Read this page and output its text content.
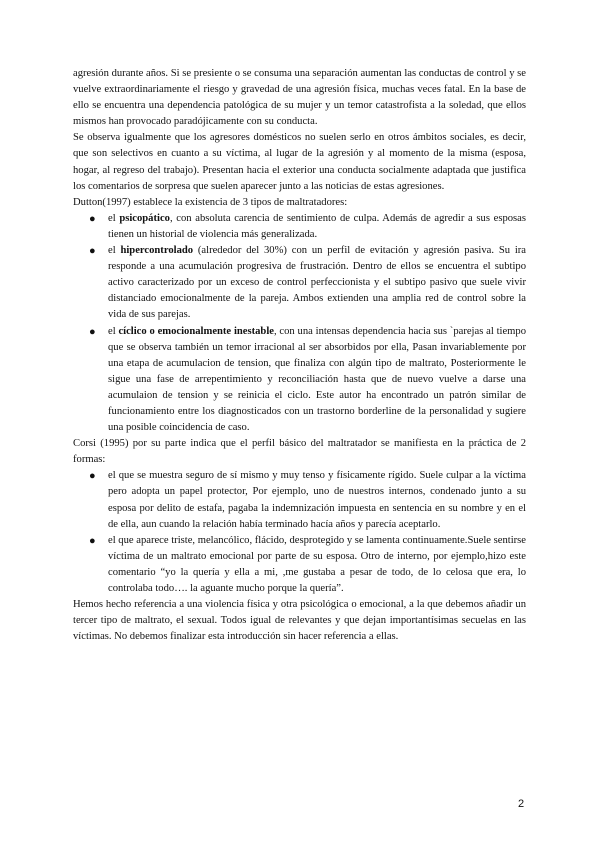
agresión durante años. Si se presiente o se consuma una separación aumentan las conductas de control y se vuelve extraordinariamente el riesgo y gravedad de una agresión física, muchas veces fatal. En la base de ello se encuentra una dependencia patológica de su mujer y un temor catastrofista a la soledad, que ellos mismos han provocado paradójicamente con su conducta.

Se observa igualmente que los agresores domésticos no suelen serlo en otros ámbitos sociales, es decir, que son selectivos en cuanto a su víctima, al lugar de la agresión y al momento de la misma (esposa, hogar, al regreso del trabajo). Presentan hacia el exterior una conducta socialmente adaptada que justifica los comentarios de sorpresa que suelen aparecer junto a las noticias de estas agresiones.

Dutton(1997) establece la existencia de 3 tipos de maltratadores:

● el psicopático, con absoluta carencia de sentimiento de culpa. Además de agredir a sus esposas tienen un historial de violencia más generalizada.
● el hipercontrolado (alrededor del 30%) con un perfil de evitación y agresión pasiva. Su ira responde a una acumulación progresiva de frustración. Dentro de ellos se encuentra el subtipo activo caracterizado por un exceso de control perfeccionista y el subtipo pasivo que suele vivir distanciado emocionalmente de la pareja. Ambos extienden una amplia red de control sobre la vida de sus parejas.
● el cíclico o emocionalmente inestable, con una intensas dependencia hacia sus `parejas al tiempo que se observa también un temor irracional al ser absorbidos por ella, Pasan invariablemente por una etapa de acumulacion de tension, que finaliza con algún tipo de maltrato, Posteriormente le sigue una fase de arrepentimiento y reconciliación hasta que de nuevo vuelve a darse una acumulaion de tension y se reinicia el ciclo. Este autor ha encontrado un patrón similar de funcionamiento entre los diagnosticados con un trastorno borderline de la personalidad y sugiere una posible coincidencia de caso.

Corsi (1995) por su parte indica que el perfil básico del maltratador se manifiesta en la práctica de 2 formas:

● el que se muestra seguro de sí mismo y muy tenso y físicamente rígido. Suele culpar a la víctima pero adopta un papel protector, Por ejemplo, uno de nuestros internos, condenado junto a su esposa por delito de estafa, pagaba la indemnización impuesta en sentencia en su nombre y en el de ella, aun cuando la relación había terminado hacía años y parecía aceptarlo.
● el que aparece triste, melancólico, flácido, desprotegido y se lamenta continuamente.Suele sentirse víctima de un maltrato emocional por parte de su esposa. Otro de interno, por ejemplo,hizo este comentario “yo la quería y ella a mi, ,me gustaba a pesar de todo, de lo celosa que era, lo controlaba todo…. la aguante mucho porque la quería”.

Hemos hecho referencia a una violencia física y otra psicológica o emocional, a la que debemos añadir un tercer tipo de maltrato, el sexual. Todos igual de relevantes y que dejan importantísimas secuelas en las víctimas. No debemos finalizar esta introducción sin hacer referencia a ellas.

2
